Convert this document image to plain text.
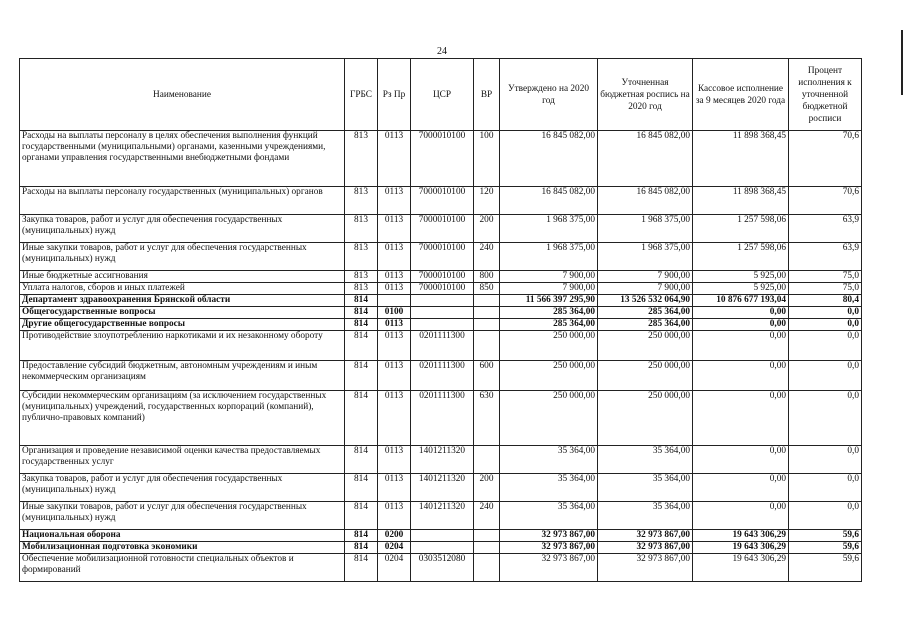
24
Наименование	ГРБС	Рз Пр	ЦСР	ВР	Утверждено на 2020 год	Уточненная бюджетная роспись на 2020 год	Кассовое исполнение за 9 месяцев 2020 года	Процент исполнения к уточненной бюджетной росписи
Расходы на выплаты персоналу в целях обеспечения выполнения функций государственными (муниципальными) органами, казенными учреждениями, органами управления государственными внебюджетными фондами	813	0113	7000010100	100	16 845 082,00	16 845 082,00	11 898 368,45	70,6
Расходы на выплаты персоналу государственных (муниципальных) органов	813	0113	7000010100	120	16 845 082,00	16 845 082,00	11 898 368,45	70,6
Закупка товаров, работ и услуг для обеспечения государственных (муниципальных) нужд	813	0113	7000010100	200	1 968 375,00	1 968 375,00	1 257 598,06	63,9
Иные закупки товаров, работ и услуг для обеспечения государственных (муниципальных) нужд	813	0113	7000010100	240	1 968 375,00	1 968 375,00	1 257 598,06	63,9
Иные бюджетные ассигнования	813	0113	7000010100	800	7 900,00	7 900,00	5 925,00	75,0
Уплата налогов, сборов и иных платежей	813	0113	7000010100	850	7 900,00	7 900,00	5 925,00	75,0
Департамент здравоохранения Брянской области	814				11 566 397 295,90	13 526 532 064,90	10 876 677 193,04	80,4
Общегосударственные вопросы	814	0100			285 364,00	285 364,00	0,00	0,0
Другие общегосударственные вопросы	814	0113			285 364,00	285 364,00	0,00	0,0
Противодействие злоупотреблению наркотиками и их незаконному обороту	814	0113	0201111300		250 000,00	250 000,00	0,00	0,0
Предоставление субсидий бюджетным, автономным учреждениям и иным некоммерческим организациям	814	0113	0201111300	600	250 000,00	250 000,00	0,00	0,0
Субсидии некоммерческим организациям (за исключением государственных (муниципальных) учреждений, государственных корпораций (компаний), публично-правовых компаний)	814	0113	0201111300	630	250 000,00	250 000,00	0,00	0,0
Организация и проведение независимой оценки качества предоставляемых государственных услуг	814	0113	1401211320		35 364,00	35 364,00	0,00	0,0
Закупка товаров, работ и услуг для обеспечения государственных (муниципальных) нужд	814	0113	1401211320	200	35 364,00	35 364,00	0,00	0,0
Иные закупки товаров, работ и услуг для обеспечения государственных (муниципальных) нужд	814	0113	1401211320	240	35 364,00	35 364,00	0,00	0,0
Национальная оборона	814	0200			32 973 867,00	32 973 867,00	19 643 306,29	59,6
Мобилизационная подготовка экономики	814	0204			32 973 867,00	32 973 867,00	19 643 306,29	59,6
Обеспечение мобилизационной готовности специальных объектов и формирований	814	0204	0303512080		32 973 867,00	32 973 867,00	19 643 306,29	59,6
